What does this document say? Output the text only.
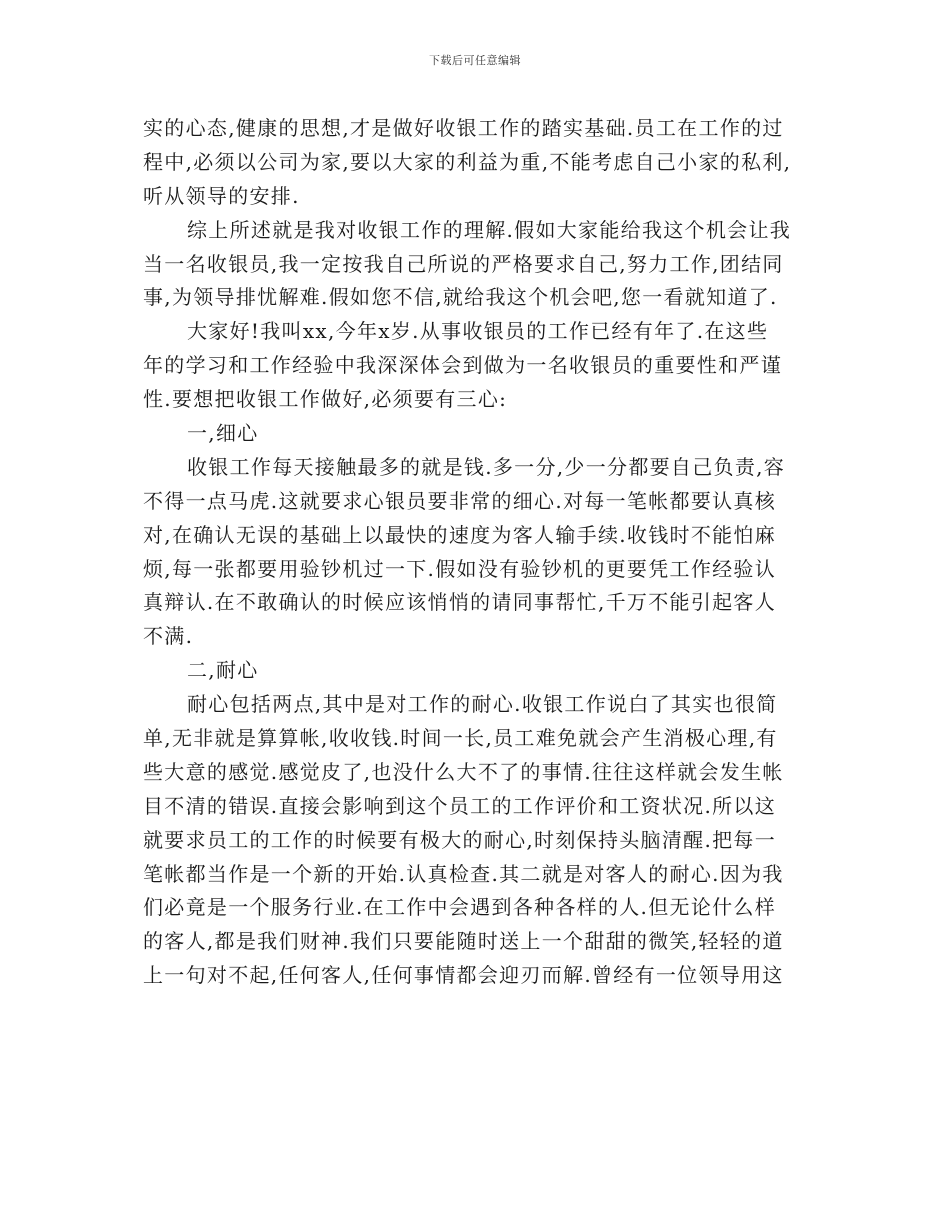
下载后可任意编辑
实的心态,健康的思想,才是做好收银工作的踏实基础.员工在工作的过
程中,必须以公司为家,要以大家的利益为重,不能考虑自己小家的私利,
听从领导的安排.
综上所述就是我对收银工作的理解.假如大家能给我这个机会让我
当一名收银员,我一定按我自己所说的严格要求自己,努力工作,团结同
事,为领导排忧解难.假如您不信,就给我这个机会吧,您一看就知道了.
大家好!我叫xx,今年x岁.从事收银员的工作已经有年了.在这些
年的学习和工作经验中我深深体会到做为一名收银员的重要性和严谨
性.要想把收银工作做好,必须要有三心:
一,细心
收银工作每天接触最多的就是钱.多一分,少一分都要自己负责,容
不得一点马虎.这就要求心银员要非常的细心.对每一笔帐都要认真核
对,在确认无误的基础上以最快的速度为客人输手续.收钱时不能怕麻
烦,每一张都要用验钞机过一下.假如没有验钞机的更要凭工作经验认
真辩认.在不敢确认的时候应该悄悄的请同事帮忙,千万不能引起客人
不满.
二,耐心
耐心包括两点,其中是对工作的耐心.收银工作说白了其实也很简
单,无非就是算算帐,收收钱.时间一长,员工难免就会产生消极心理,有
些大意的感觉.感觉皮了,也没什么大不了的事情.往往这样就会发生帐
目不清的错误.直接会影响到这个员工的工作评价和工资状况.所以这
就要求员工的工作的时候要有极大的耐心,时刻保持头脑清醒.把每一
笔帐都当作是一个新的开始.认真检查.其二就是对客人的耐心.因为我
们必竟是一个服务行业.在工作中会遇到各种各样的人.但无论什么样
的客人,都是我们财神.我们只要能随时送上一个甜甜的微笑,轻轻的道
上一句对不起,任何客人,任何事情都会迎刃而解.曾经有一位领导用这
